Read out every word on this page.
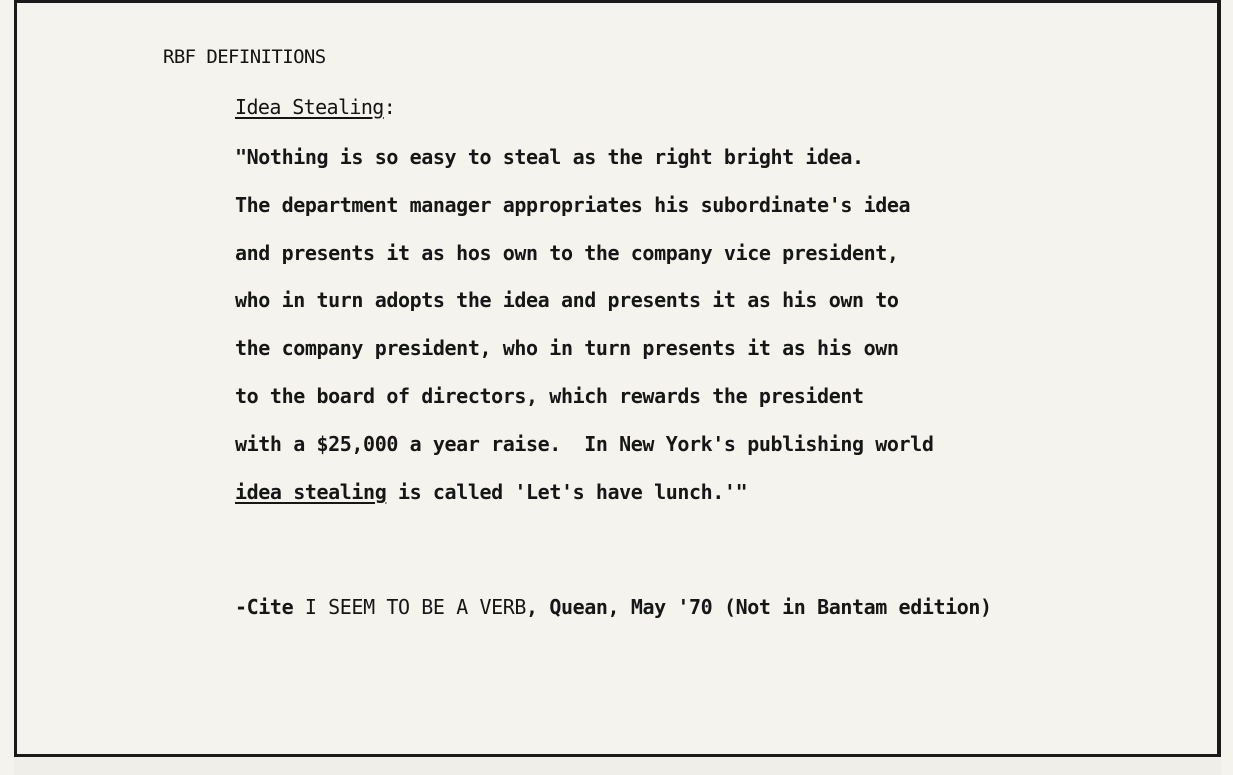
RBF DEFINITIONS
Idea Stealing:
"Nothing is so easy to steal as the right bright idea.
The department manager appropriates his subordinate's idea
and presents it as hos own to the company vice president,
who in turn adopts the idea and presents it as his own to
the company president, who in turn presents it as his own
to the board of directors, which rewards the president
with a $25,000 a year raise.  In New York's publishing world
idea stealing is called 'Let's have lunch.'"
-Cite I SEEM TO BE A VERB, Quean, May '70 (Not in Bantam edition)
